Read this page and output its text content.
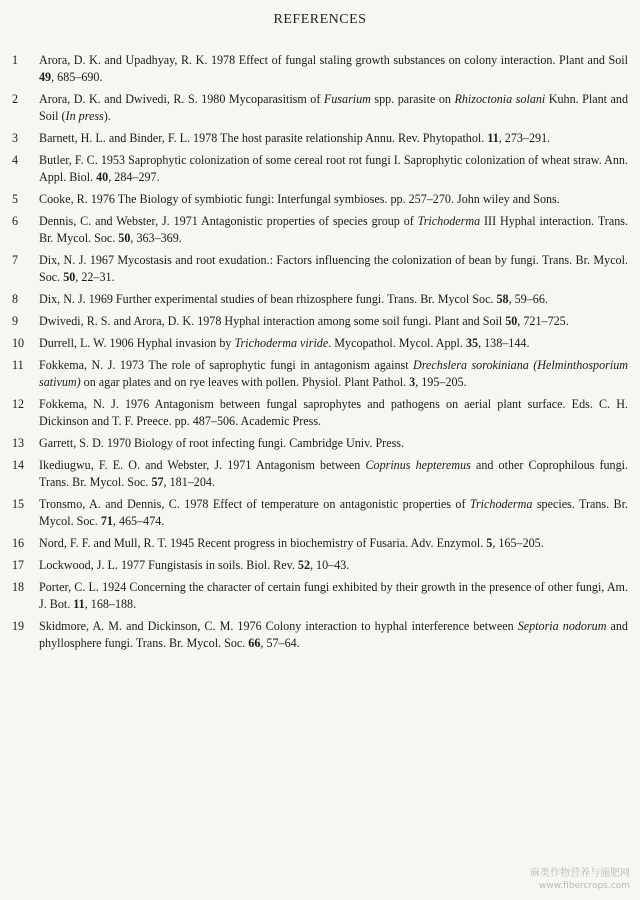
REFERENCES
1	Arora, D. K. and Upadhyay, R. K. 1978 Effect of fungal staling growth substances on colony interaction. Plant and Soil 49, 685–690.
2	Arora, D. K. and Dwivedi, R. S. 1980 Mycoparasitism of Fusarium spp. parasite on Rhizoctonia solani Kuhn. Plant and Soil (In press).
3	Barnett, H. L. and Binder, F. L. 1978 The host parasite relationship Annu. Rev. Phytopathol. 11, 273–291.
4	Butler, F. C. 1953 Saprophytic colonization of some cereal root rot fungi I. Saprophytic colonization of wheat straw. Ann. Appl. Biol. 40, 284–297.
5	Cooke, R. 1976 The Biology of symbiotic fungi: Interfungal symbioses. pp. 257–270. John wiley and Sons.
6	Dennis, C. and Webster, J. 1971 Antagonistic properties of species group of Trichoderma III Hyphal interaction. Trans. Br. Mycol. Soc. 50, 363–369.
7	Dix, N. J. 1967 Mycostasis and root exudation.: Factors influencing the colonization of bean by fungi. Trans. Br. Mycol. Soc. 50, 22–31.
8	Dix, N. J. 1969 Further experimental studies of bean rhizosphere fungi. Trans. Br. Mycol Soc. 58, 59–66.
9	Dwivedi, R. S. and Arora, D. K. 1978 Hyphal interaction among some soil fungi. Plant and Soil 50, 721–725.
10	Durrell, L. W. 1906 Hyphal invasion by Trichoderma viride. Mycopathol. Mycol. Appl. 35, 138–144.
11	Fokkema, N. J. 1973 The role of saprophytic fungi in antagonism against Drechslera sorokiniana (Helminthosporium sativum) on agar plates and on rye leaves with pollen. Physiol. Plant Pathol. 3, 195–205.
12	Fokkema, N. J. 1976 Antagonism between fungal saprophytes and pathogens on aerial plant surface. Eds. C. H. Dickinson and T. F. Preece. pp. 487–506. Academic Press.
13	Garrett, S. D. 1970 Biology of root infecting fungi. Cambridge Univ. Press.
14	Ikediugwu, F. E. O. and Webster, J. 1971 Antagonism between Coprinus hepteremus and other Coprophilous fungi. Trans. Br. Mycol. Soc. 57, 181–204.
15	Tronsmo, A. and Dennis, C. 1978 Effect of temperature on antagonistic properties of Trichoderma species. Trans. Br. Mycol. Soc. 71, 465–474.
16	Nord, F. F. and Mull, R. T. 1945 Recent progress in biochemistry of Fusaria. Adv. Enzymol. 5, 165–205.
17	Lockwood, J. L. 1977 Fungistasis in soils. Biol. Rev. 52, 10–43.
18	Porter, C. L. 1924 Concerning the character of certain fungi exhibited by their growth in the presence of other fungi, Am. J. Bot. 11, 168–188.
19	Skidmore, A. M. and Dickinson, C. M. 1976 Colony interaction to hyphal interference between Septoria nodorum and phyllosphere fungi. Trans. Br. Mycol. Soc. 66, 57–64.
麻类作物营养与施肥网
www.fibercrops.com
